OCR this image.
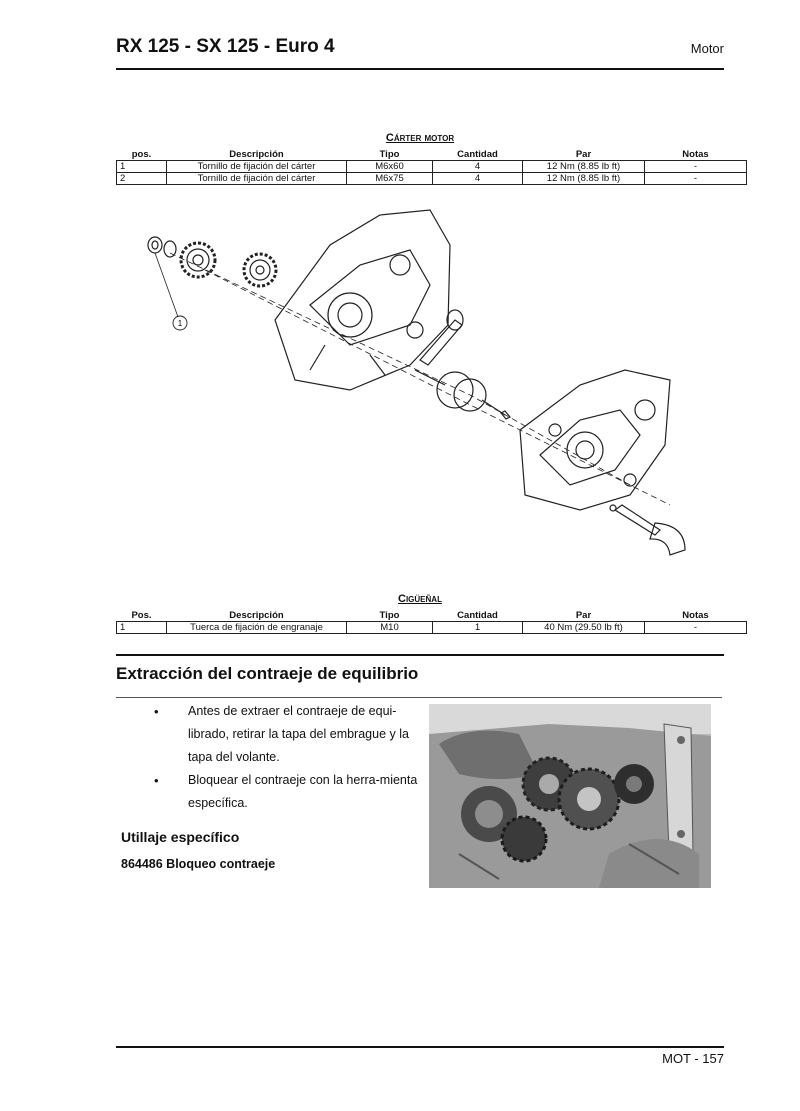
RX 125 - SX 125 - Euro 4	Motor
Cárter motor
pos.	Descripción	Tipo	Cantidad	Par	Notas
1	Tornillo de fijación del cárter	M6x60	4	12 Nm (8.85 lb ft)	-
2	Tornillo de fijación del cárter	M6x75	4	12 Nm (8.85 lb ft)	-
1
Cigüeñal
Pos.	Descripción	Tipo	Cantidad	Par	Notas
1	Tuerca de fijación de engranaje	M10	1	40 Nm (29.50 lb ft)	-
Extracción del contraeje de equilibrio
• Antes de extraer el contraeje de equi-librado, retirar la tapa del embrague y la tapa del volante.
• Bloquear el contraeje con la herra-mienta específica.
Utillaje específico
864486 Bloqueo contraeje
MOT - 157
